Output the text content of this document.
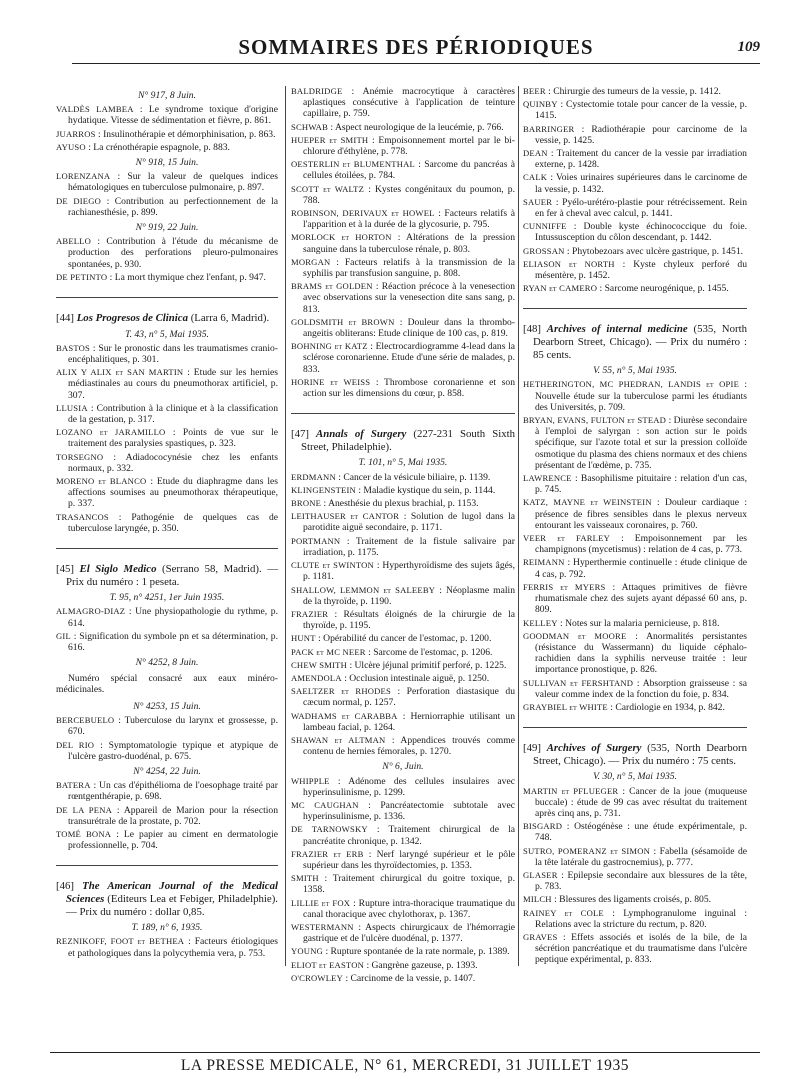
SOMMAIRES DES PÉRIODIQUES	109
N° 917, 8 Juin.
VALDÈS LAMBEA : Le syndrome toxique d'origine hydatique. Vitesse de sédimentation et fièvre, p. 861.
JUARROS : Insulinothérapie et démorphinisation, p. 863.
AYUSO : La crénothérapie espagnole, p. 883.
N° 918, 15 Juin.
LORENZANA : Sur la valeur de quelques indices hématologiques en tuberculose pulmonaire, p. 897.
DE DIEGO : Contribution au perfectionnement de la rachianesthésie, p. 899.
N° 919, 22 Juin.
ABELLO : Contribution à l'étude du mécanisme de production des perforations pleuro-pulmonaires spontanées, p. 930.
DE PETINTO : La mort thymique chez l'enfant, p. 947.
[44] Los Progresos de Clinica (Larra 6, Madrid).
T. 43, n° 5, Mai 1935.
BASTOS : Sur le pronostic dans les traumatismes cranio-encéphalitiques, p. 301.
ALIX Y ALIX et SAN MARTIN : Etude sur les hernies médiastinales au cours du pneumothorax artificiel, p. 307.
LLUSIA : Contribution à la clinique et à la classification de la gestation, p. 317.
LOZANO et JARAMILLO : Points de vue sur le traitement des paralysies spastiques, p. 323.
TORSEGNO : Adiadococynésie chez les enfants normaux, p. 332.
MORENO et BLANCO : Etude du diaphragme dans les affections soumises au pneumothorax thérapeutique, p. 337.
TRASANCOS : Pathogénie de quelques cas de tuberculose laryngée, p. 350.
[45] El Siglo Medico (Serrano 58, Madrid). — Prix du numéro : 1 peseta.
T. 95, n° 4251, 1er Juin 1935.
ALMAGRO-DIAZ : Une physiopathologie du rythme, p. 614.
GIL : Signification du symbole pn et sa détermination, p. 616.
N° 4252, 8 Juin.
Numéro spécial consacré aux eaux minéro-médicinales.
N° 4253, 15 Juin.
BERCEBUELO : Tuberculose du larynx et grossesse, p. 670.
DEL RIO : Symptomatologie typique et atypique de l'ulcère gastro-duodénal, p. 675.
N° 4254, 22 Juin.
BATERA : Un cas d'épithélioma de l'oesophage traité par rœntgenthérapie, p. 698.
DE LA PENA : Appareil de Marion pour la résection transurétrale de la prostate, p. 702.
TOMÉ BONA : Le papier au ciment en dermatologie professionnelle, p. 704.
[46] The American Journal of the Medical Sciences (Editeurs Lea et Febiger, Philadelphie). — Prix du numéro : dollar 0,85.
T. 189, n° 6, 1935.
REZNIKOFF, FOOT et BETHEA : Facteurs étiologiques et pathologiques dans la polycythemia vera, p. 753.
BALDRIDGE : Anémie macrocytique à caractères aplastiques consécutive à l'application de teinture capillaire, p. 759.
SCHWAB : Aspect neurologique de la leucémie, p. 766.
HUEPER et SMITH : Empoisonnement mortel par le bi-chlorure d'éthylène, p. 778.
OESTERLIN et BLUMENTHAL : Sarcome du pancréas à cellules étoilées, p. 784.
SCOTT et WALTZ : Kystes congénitaux du poumon, p. 788.
ROBINSON, DERIVAUX et HOWEL : Facteurs relatifs à l'apparition et à la durée de la glycosurie, p. 795.
MORLOCK et HORTON : Altérations de la pression sanguine dans la tuberculose rénale, p. 803.
MORGAN : Facteurs relatifs à la transmission de la syphilis par transfusion sanguine, p. 808.
BRAMS et GOLDEN : Réaction précoce à la venesection avec observations sur la venesection dite sans sang, p. 813.
GOLDSMITH et BROWN : Douleur dans la thrombo-angeitis obliterans: Etude clinique de 100 cas, p. 819.
BOHNING et KATZ : Electrocardiogramme 4-lead dans la sclérose coronarienne. Etude d'une série de malades, p. 833.
HORINE et WEISS : Thrombose coronarienne et son action sur les dimensions du cœur, p. 858.
[47] Annals of Surgery (227-231 South Sixth Street, Philadelphie).
T. 101, n° 5, Mai 1935.
ERDMANN : Cancer de la vésicule biliaire, p. 1139.
KLINGENSTEIN : Maladie kystique du sein, p. 1144.
BRONE : Anesthésie du plexus brachial, p. 1153.
LEITHAUSER et CANTOR : Solution de lugol dans la parotidite aiguë secondaire, p. 1171.
PORTMANN : Traitement de la fistule salivaire par irradiation, p. 1175.
CLUTE et SWINTON : Hyperthyroïdisme des sujets âgés, p. 1181.
SHALLOW, LEMMON et SALEEBY : Néoplasme malin de la thyroïde, p. 1190.
FRAZIER : Résultats éloignés de la chirurgie de la thyroïde, p. 1195.
HUNT : Opérabilité du cancer de l'estomac, p. 1200.
PACK et MC NEER : Sarcome de l'estomac, p. 1206.
CHEW SMITH : Ulcère jéjunal primitif perforé, p. 1225.
AMENDOLA : Occlusion intestinale aiguë, p. 1250.
SAELTZER et RHODES : Perforation diastasique du cæcum normal, p. 1257.
WADHAMS et CARABBA : Herniorraphie utilisant un lambeau facial, p. 1264.
SHAWAN et ALTMAN : Appendices trouvés comme contenu de hernies fémorales, p. 1270.
N° 6, Juin.
WHIPPLE : Adénome des cellules insulaires avec hyperinsulinisme, p. 1299.
MC CAUGHAN : Pancréatectomie subtotale avec hyperinsulinisme, p. 1336.
DE TARNOWSKY : Traitement chirurgical de la pancréatite chronique, p. 1342.
FRAZIER et ERB : Nerf laryngé supérieur et le pôle supérieur dans les thyroïdectomies, p. 1353.
SMITH : Traitement chirurgical du goitre toxique, p. 1358.
LILLIE et FOX : Rupture intra-thoracique traumatique du canal thoracique avec chylothorax, p. 1367.
WESTERMANN : Aspects chirurgicaux de l'hémorragie gastrique et de l'ulcère duodénal, p. 1377.
YOUNG : Rupture spontanée de la rate normale, p. 1389.
ELIOT et EASTON : Gangrène gazeuse, p. 1393.
O'CROWLEY : Carcinome de la vessie, p. 1407.
BEER : Chirurgie des tumeurs de la vessie, p. 1412.
QUINBY : Cystectomie totale pour cancer de la vessie, p. 1415.
BARRINGER : Radiothérapie pour carcinome de la vessie, p. 1425.
DEAN : Traitement du cancer de la vessie par irradiation externe, p. 1428.
CALK : Voies urinaires supérieures dans le carcinome de la vessie, p. 1432.
SAUER : Pyélo-urétéro-plastie pour rétrécissement. Rein en fer à cheval avec calcul, p. 1441.
CUNNIFFE : Double kyste échinococcique du foie. Intussusception du côlon descendant, p. 1442.
GROSSAN : Phytobezoars avec ulcère gastrique, p. 1451.
ELIASON et NORTH : Kyste chyleux perforé du mésentère, p. 1452.
RYAN et CAMERO : Sarcome neurogénique, p. 1455.
[48] Archives of internal medicine (535, North Dearborn Street, Chicago). — Prix du numéro : 85 cents.
V. 55, n° 5, Mai 1935.
HETHERINGTON, MC PHEDRAN, LANDIS et OPIE : Nouvelle étude sur la tuberculose parmi les étudiants des Universités, p. 709.
BRYAN, EVANS, FULTON et STEAD : Diurèse secondaire à l'emploi de salyrgan : son action sur le poids spécifique, sur l'azote total et sur la pression colloïde osmotique du plasma des chiens normaux et des chiens présentant de l'œdème, p. 735.
LAWRENCE : Basophilisme pituitaire : relation d'un cas, p. 745.
KATZ, MAYNE et WEINSTEIN : Douleur cardiaque : présence de fibres sensibles dans le plexus nerveux entourant les vaisseaux coronaires, p. 760.
VEER et FARLEY : Empoisonnement par les champignons (mycetismus) : relation de 4 cas, p. 773.
REIMANN : Hyperthermie continuelle : étude clinique de 4 cas, p. 792.
FERRIS et MYERS : Attaques primitives de fièvre rhumatismale chez des sujets ayant dépassé 60 ans, p. 809.
KELLEY : Notes sur la malaria pernicieuse, p. 818.
GOODMAN et MOORE : Anormalités persistantes (résistance du Wassermann) du liquide céphalo-rachidien dans la syphilis nerveuse traitée : leur importance pronostique, p. 826.
SULLIVAN et FERSHTAND : Absorption graisseuse : sa valeur comme index de la fonction du foie, p. 834.
GRAYBIEL et WHITE : Cardiologie en 1934, p. 842.
[49] Archives of Surgery (535, North Dearborn Street, Chicago). — Prix du numéro : 75 cents.
V. 30, n° 5, Mai 1935.
MARTIN et PFLUEGER : Cancer de la joue (muqueuse buccale) : étude de 99 cas avec résultat du traitement après cinq ans, p. 731.
BISGARD : Ostéogénèse : une étude expérimentale, p. 748.
SUTRO, POMERANZ et SIMON : Fabella (sésamoïde de la tête latérale du gastrocnemius), p. 777.
GLASER : Epilepsie secondaire aux blessures de la tête, p. 783.
MILCH : Blessures des ligaments croisés, p. 805.
RAINEY et COLE : Lymphogranulome inguinal : Relations avec la stricture du rectum, p. 820.
GRAVES : Effets associés et isolés de la bile, de la sécrétion pancréatique et du traumatisme dans l'ulcère peptique expérimental, p. 833.
LA PRESSE MEDICALE, N° 61, MERCREDI, 31 JUILLET 1935
